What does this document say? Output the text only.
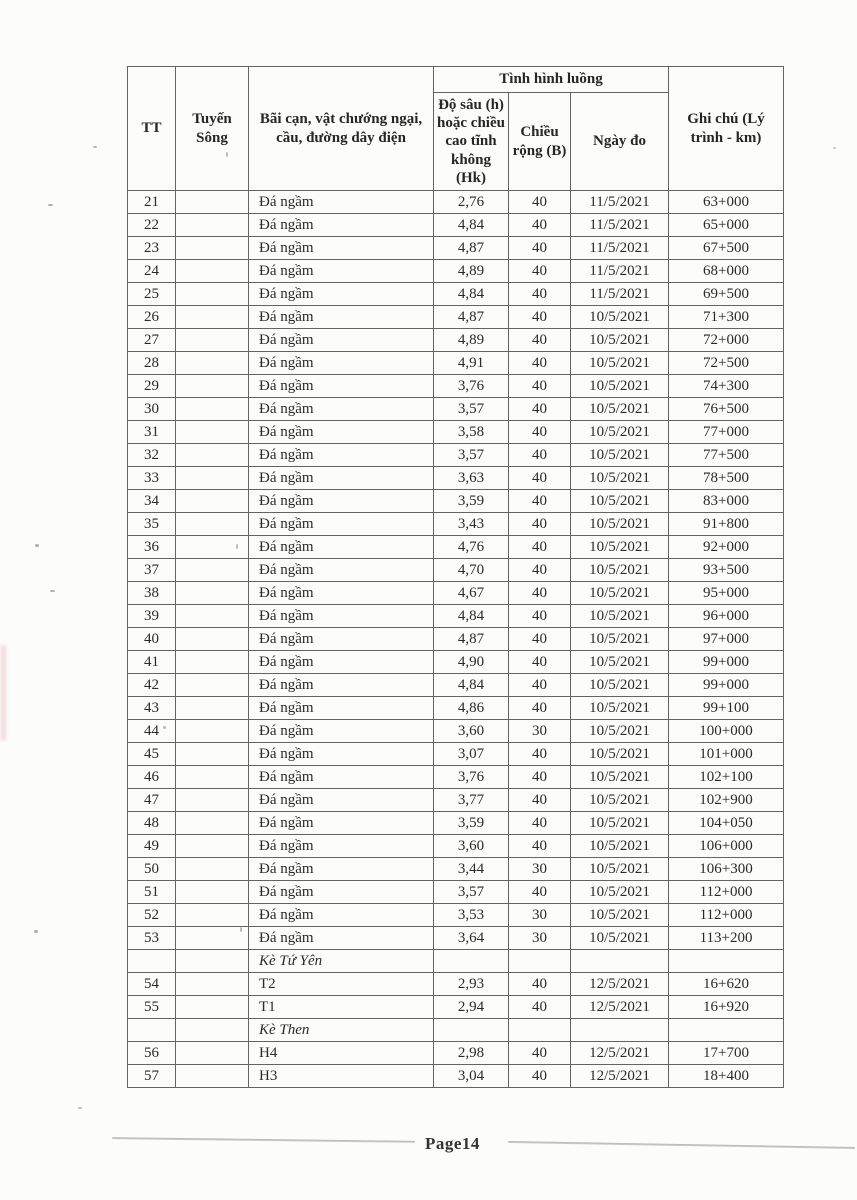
TT	Tuyến Sông	Bãi cạn, vật chướng ngại, cầu, đường dây điện	Tình hình luồng			Ghi chú (Lý trình - km)
			Độ sâu (h) hoặc chiều cao tĩnh không (Hk)	Chiều rộng (B)	Ngày đo	
21		Đá ngầm	2,76	40	11/5/2021	63+000
22		Đá ngầm	4,84	40	11/5/2021	65+000
23		Đá ngầm	4,87	40	11/5/2021	67+500
24		Đá ngầm	4,89	40	11/5/2021	68+000
25		Đá ngầm	4,84	40	11/5/2021	69+500
26		Đá ngầm	4,87	40	10/5/2021	71+300
27		Đá ngầm	4,89	40	10/5/2021	72+000
28		Đá ngầm	4,91	40	10/5/2021	72+500
29		Đá ngầm	3,76	40	10/5/2021	74+300
30		Đá ngầm	3,57	40	10/5/2021	76+500
31		Đá ngầm	3,58	40	10/5/2021	77+000
32		Đá ngầm	3,57	40	10/5/2021	77+500
33		Đá ngầm	3,63	40	10/5/2021	78+500
34		Đá ngầm	3,59	40	10/5/2021	83+000
35		Đá ngầm	3,43	40	10/5/2021	91+800
36		Đá ngầm	4,76	40	10/5/2021	92+000
37		Đá ngầm	4,70	40	10/5/2021	93+500
38		Đá ngầm	4,67	40	10/5/2021	95+000
39		Đá ngầm	4,84	40	10/5/2021	96+000
40		Đá ngầm	4,87	40	10/5/2021	97+000
41		Đá ngầm	4,90	40	10/5/2021	99+000
42		Đá ngầm	4,84	40	10/5/2021	99+000
43		Đá ngầm	4,86	40	10/5/2021	99+100
44		Đá ngầm	3,60	30	10/5/2021	100+000
45		Đá ngầm	3,07	40	10/5/2021	101+000
46		Đá ngầm	3,76	40	10/5/2021	102+100
47		Đá ngầm	3,77	40	10/5/2021	102+900
48		Đá ngầm	3,59	40	10/5/2021	104+050
49		Đá ngầm	3,60	40	10/5/2021	106+000
50		Đá ngầm	3,44	30	10/5/2021	106+300
51		Đá ngầm	3,57	40	10/5/2021	112+000
52		Đá ngầm	3,53	30	10/5/2021	112+000
53		Đá ngầm	3,64	30	10/5/2021	113+200
		Kè Tứ Yên				
54		T2	2,93	40	12/5/2021	16+620
55		T1	2,94	40	12/5/2021	16+920
		Kè Then				
56		H4	2,98	40	12/5/2021	17+700
57		H3	3,04	40	12/5/2021	18+400
Page14
